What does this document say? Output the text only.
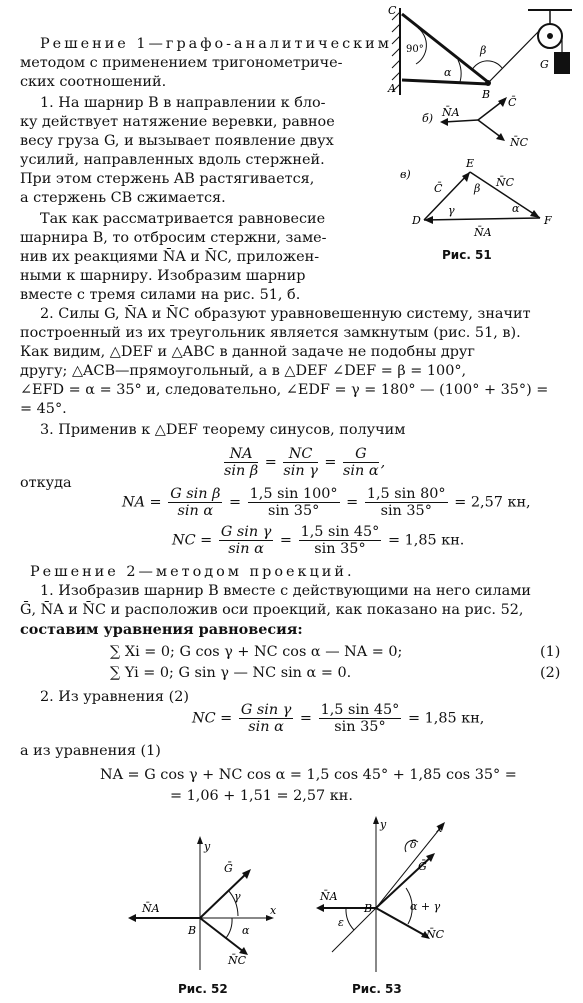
Решение 1—графо-аналитическим
методом с применением тригонометриче-
ских соотношений.
1. На шарнир B в направлении к бло-
ку действует натяжение веревки, равное
весу груза G, и вызывает появление двух
усилий, направленных вдоль стержней.
При этом стержень AB растягивается,
а стержень CB сжимается.
Так как рассматривается равновесие
шарнира B, то отбросим стержни, заме-
нив их реакциями N̄A и N̄C, приложен-
ными к шарниру. Изобразим шарнир
вместе с тремя силами на рис. 51, б.
C
A	B
G
90°
α
β
б) N̄A
C̄
N̄C
в)
E
D	F
C̄	N̄C
N̄A
γ
β
α
Рис. 51
2. Силы G, N̄A и N̄C образуют уравновешенную систему, значит
построенный из их треугольник является замкнутым (рис. 51, в).
Как видим, △DEF и △ABC в данной задаче не подобны друг
другу; △ACB—прямоугольный, а в △DEF ∠DEF = β = 100°,
∠EFD = α = 35° и, следовательно, ∠EDF = γ = 180° — (100° + 35°) =
= 45°.
3. Применив к △DEF теорему синусов, получим
$\frac{NA}{\text{sin β}} = \frac{NC}{\text{sin γ}} = \frac{G}{\text{sin α}}$ ,
откуда
NA = $\frac{\text{G sin β}}{\text{sin α}} = \frac{1,5 \sin 100^\circ}{\sin 35^\circ} = \frac{1,5 \sin 80^\circ}{\sin 35^\circ} = 2,57$ кн,
NC = $\frac{\text{G sin γ}}{\text{sin α}} = \frac{1,5 \sin 45^\circ}{\sin 35^\circ} = 1,85$ кн.
Решение 2—методом проекций.
1. Изобразив шарнир B вместе с действующими на него силами
Ḡ, N̄A и N̄C и расположив оси проекций, как показано на рис. 52,
составим уравнения равновесия:
∑ Xi = 0; G cos γ + NC cos α — NA = 0;	(1)
∑ Yi = 0; G sin γ — NC sin α = 0.	(2)
2. Из уравнения (2)
NC = $\frac{\text{G sin γ}}{\text{sin α}} = \frac{1,5 \sin 45^\circ}{\sin 35^\circ} = 1,85$ кн,
а из уравнения (1)
NA = G cos γ + NC cos α = 1,5 cos 45° + 1,85 cos 35° =
= 1,06 + 1,51 = 2,57 кн.
y
x
N̄A
Ḡ
N̄C
B
γ
α
Рис. 52
y	x
N̄A
Ḡ
N̄C
B
δ
ε
α + γ
Рис. 53
